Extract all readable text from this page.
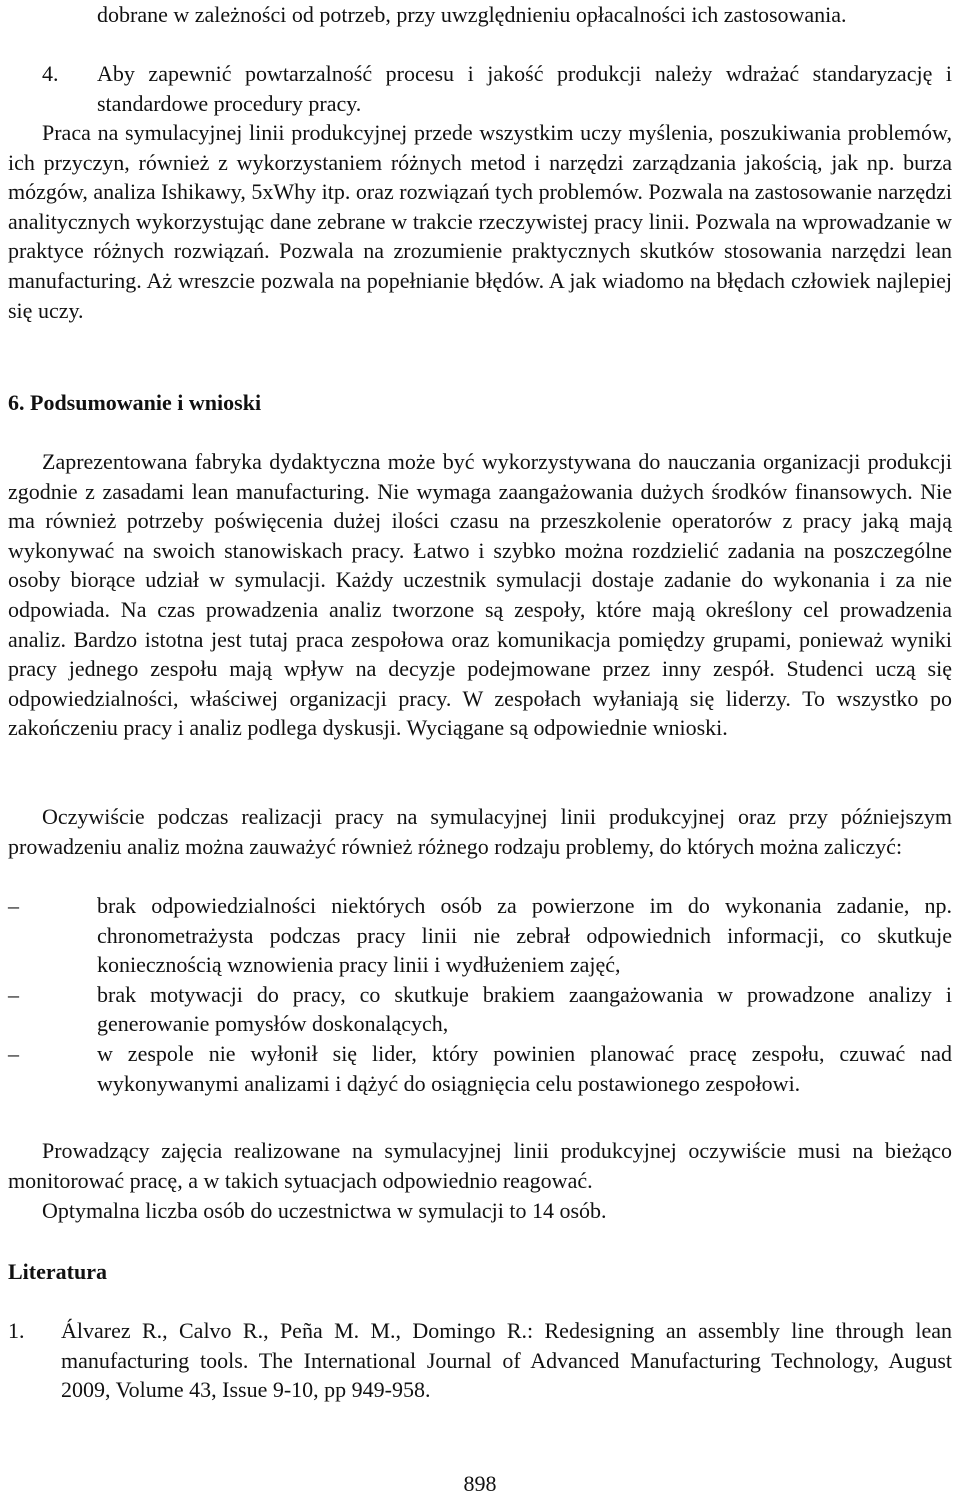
dobrane w zależności od potrzeb, przy uwzględnieniu opłacalności ich zastosowania.

4. Aby zapewnić powtarzalność procesu i jakość produkcji należy wdrażać standaryzację i standardowe procedury pracy.

Praca na symulacyjnej linii produkcyjnej przede wszystkim uczy myślenia, poszukiwania problemów, ich przyczyn, również z wykorzystaniem różnych metod i narzędzi zarządzania jakością, jak np. burza mózgów, analiza Ishikawy, 5xWhy itp. oraz rozwiązań tych problemów. Pozwala na zastosowanie narzędzi analitycznych wykorzystując dane zebrane w trakcie rzeczywistej pracy linii. Pozwala na wprowadzanie w praktyce różnych rozwiązań. Pozwala na zrozumienie praktycznych skutków stosowania narzędzi lean manufacturing. Aż wreszcie pozwala na popełnianie błędów. A jak wiadomo na błędach człowiek najlepiej się uczy.

6. Podsumowanie i wnioski

Zaprezentowana fabryka dydaktyczna może być wykorzystywana do nauczania organizacji produkcji zgodnie z zasadami lean manufacturing. Nie wymaga zaangażowania dużych środków finansowych. Nie ma również potrzeby poświęcenia dużej ilości czasu na przeszkolenie operatorów z pracy jaką mają wykonywać na swoich stanowiskach pracy. Łatwo i szybko można rozdzielić zadania na poszczególne osoby biorące udział w symulacji. Każdy uczestnik symulacji dostaje zadanie do wykonania i za nie odpowiada. Na czas prowadzenia analiz tworzone są zespoły, które mają określony cel prowadzenia analiz. Bardzo istotna jest tutaj praca zespołowa oraz komunikacja pomiędzy grupami, ponieważ wyniki pracy jednego zespołu mają wpływ na decyzje podejmowane przez inny zespół. Studenci uczą się odpowiedzialności, właściwej organizacji pracy. W zespołach wyłaniają się liderzy. To wszystko po zakończeniu pracy i analiz podlega dyskusji. Wyciągane są odpowiednie wnioski.

Oczywiście podczas realizacji pracy na symulacyjnej linii produkcyjnej oraz przy późniejszym prowadzeniu analiz można zauważyć również różnego rodzaju problemy, do których można zaliczyć:

–	brak odpowiedzialności niektórych osób za powierzone im do wykonania zadanie, np. chronometrażysta podczas pracy linii nie zebrał odpowiednich informacji, co skutkuje koniecznością wznowienia pracy linii i wydłużeniem zajęć,
–	brak motywacji do pracy, co skutkuje brakiem zaangażowania w prowadzone analizy i generowanie pomysłów doskonalących,
–	w zespole nie wyłonił się lider, który powinien planować pracę zespołu, czuwać nad wykonywanymi analizami i dążyć do osiągnięcia celu postawionego zespołowi.

Prowadzący zajęcia realizowane na symulacyjnej linii produkcyjnej oczywiście musi na bieżąco monitorować pracę, a w takich sytuacjach odpowiednio reagować.

Optymalna liczba osób do uczestnictwa w symulacji to 14 osób.

Literatura
1. Álvarez R., Calvo R., Peña M. M., Domingo R.: Redesigning an assembly line through lean manufacturing tools. The International Journal of Advanced Manufacturing Technology, August 2009, Volume 43, Issue 9-10, pp 949-958.
898
